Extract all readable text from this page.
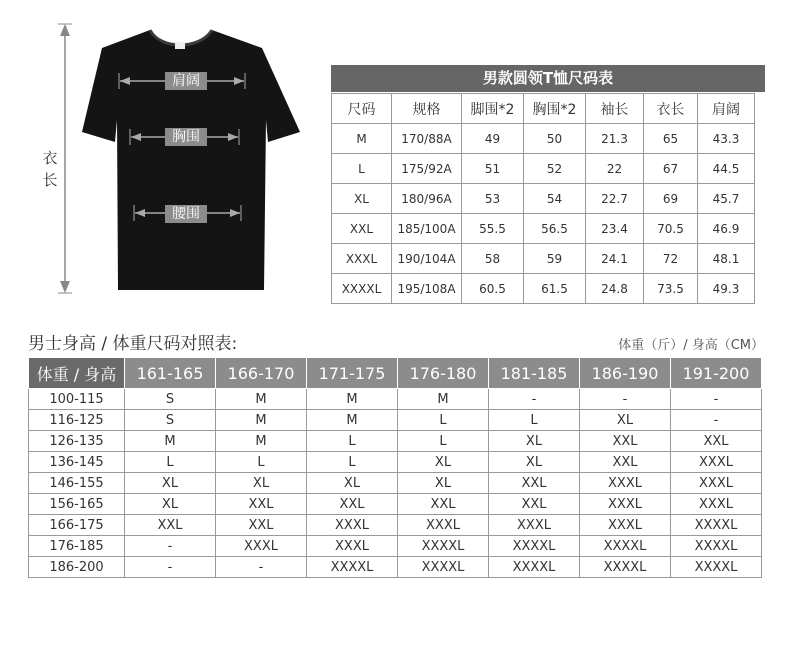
肩阔
胸围
腰围
衣长
男款圆领T恤尺码表
尺码	规格	脚围*2	胸围*2	袖长	衣长	肩阔
M	170/88A	49	50	21.3	65	43.3
L	175/92A	51	52	22	67	44.5
XL	180/96A	53	54	22.7	69	45.7
XXL	185/100A	55.5	56.5	23.4	70.5	46.9
XXXL	190/104A	58	59	24.1	72	48.1
XXXXL	195/108A	60.5	61.5	24.8	73.5	49.3
男士身高 / 体重尺码对照表:	体重（斤）/ 身高（CM）
体重 / 身高	161-165	166-170	171-175	176-180	181-185	186-190	191-200
100-115	S	M	M	M	-	-	-
116-125	S	M	M	L	L	XL	-
126-135	M	M	L	L	XL	XXL	XXL
136-145	L	L	L	XL	XL	XXL	XXXL
146-155	XL	XL	XL	XL	XXL	XXXL	XXXL
156-165	XL	XXL	XXL	XXL	XXL	XXXL	XXXL
166-175	XXL	XXL	XXXL	XXXL	XXXL	XXXL	XXXXL
176-185	-	XXXL	XXXL	XXXXL	XXXXL	XXXXL	XXXXL
186-200	-	-	XXXXL	XXXXL	XXXXL	XXXXL	XXXXL
